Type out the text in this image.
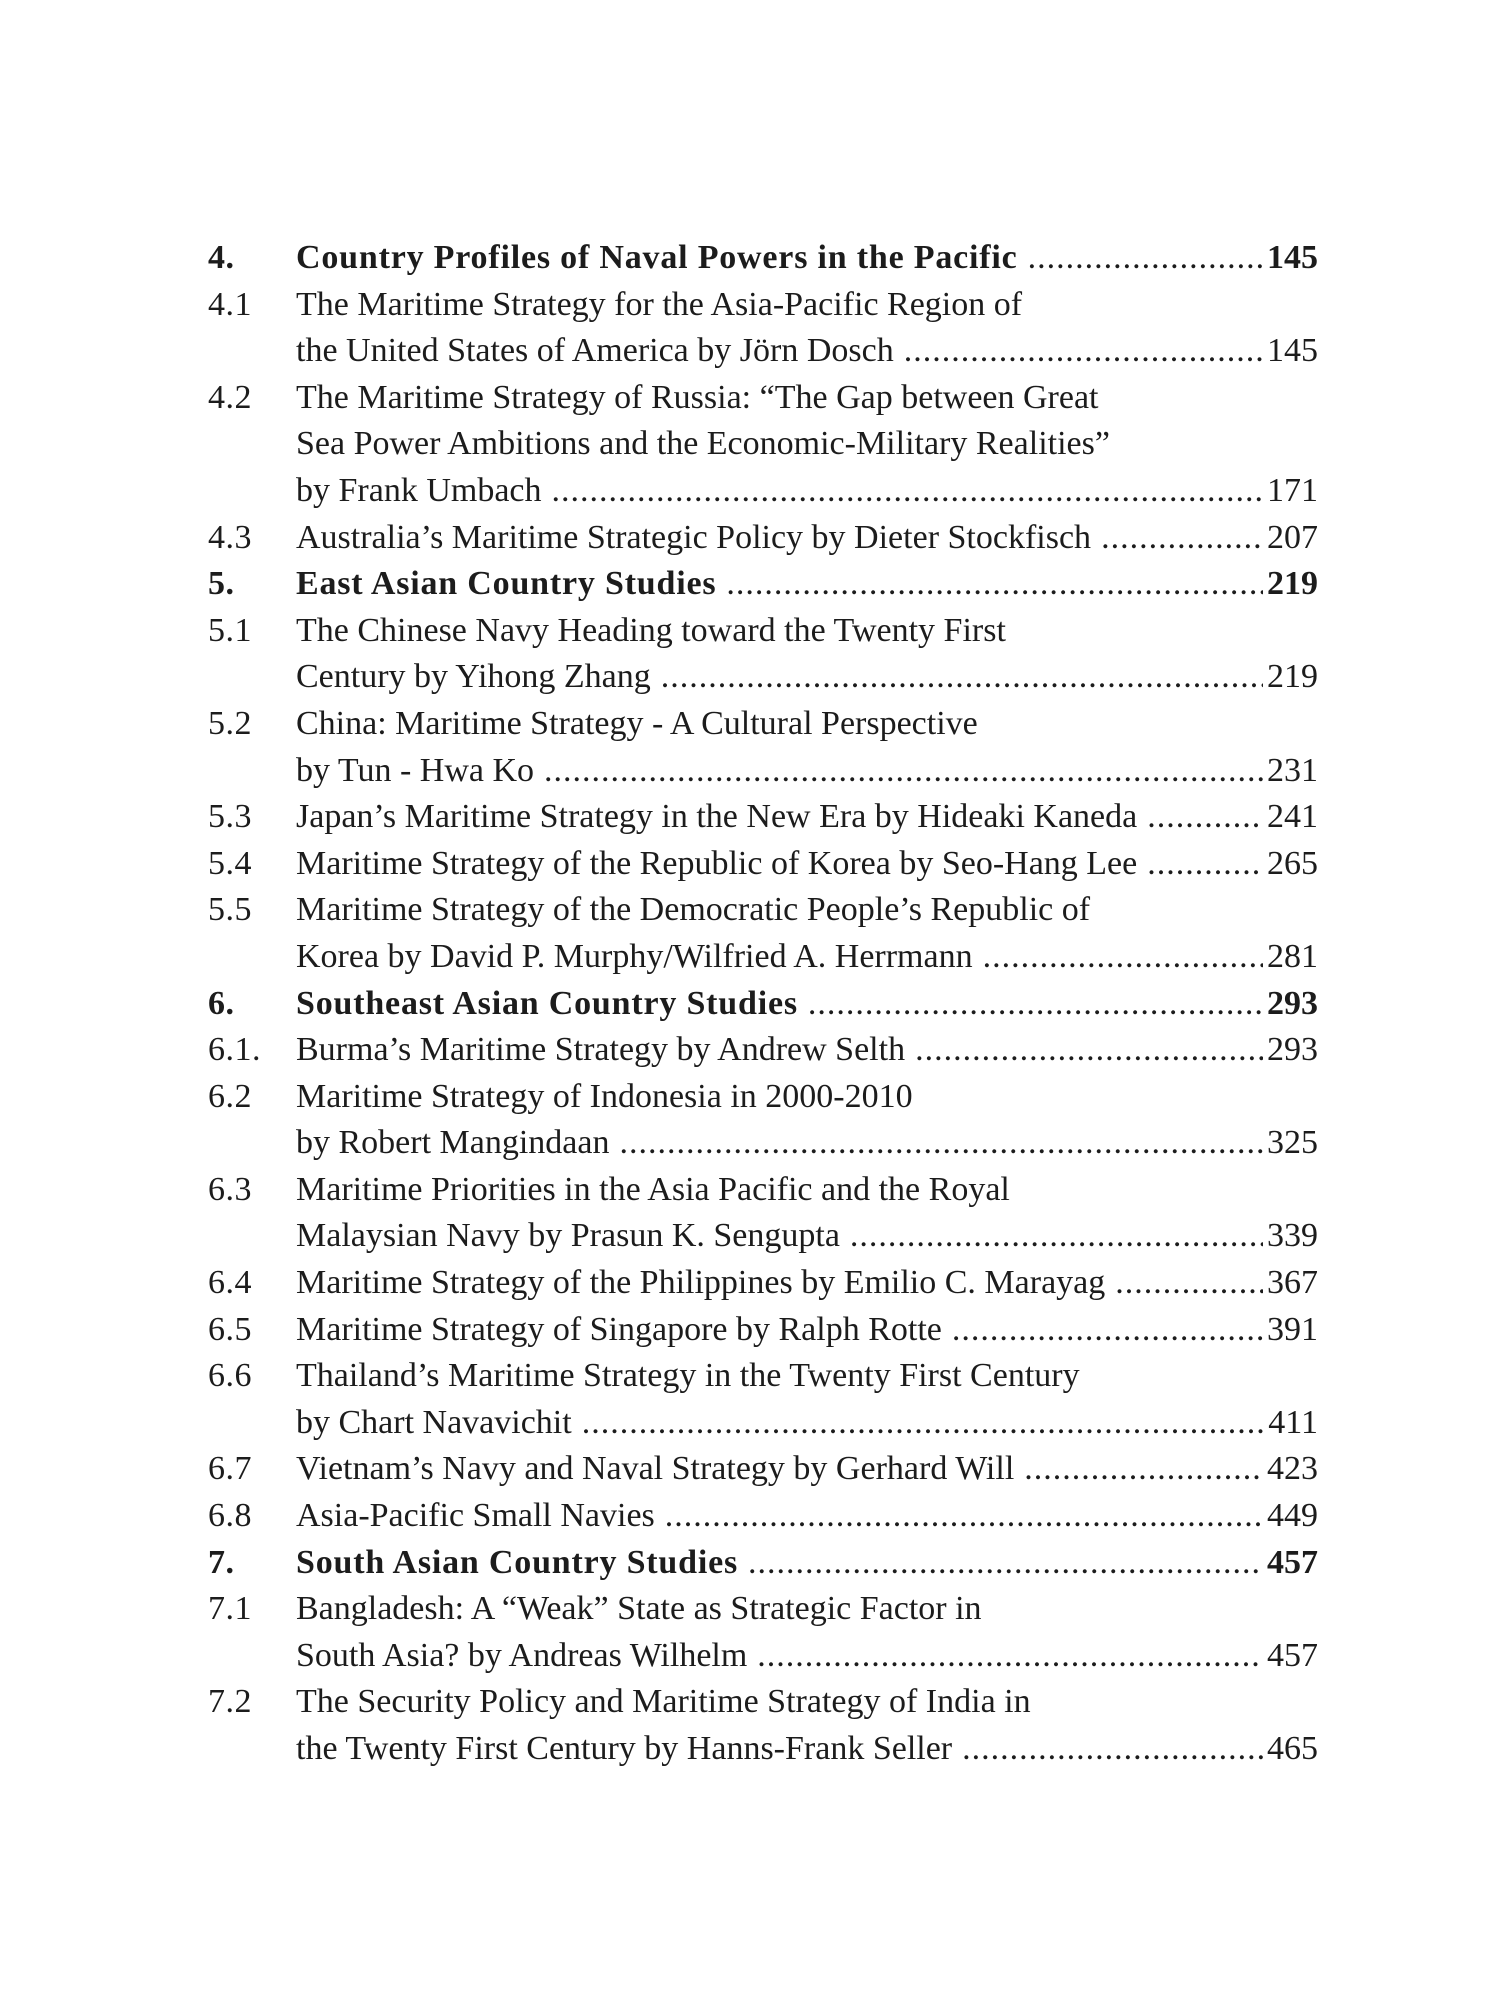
4.	Country Profiles of Naval Powers in the Pacific .....	145
4.1	The Maritime Strategy for the Asia-Pacific Region of
the United States of America by Jörn Dosch .....	145
4.2	The Maritime Strategy of Russia: “The Gap between Great
Sea Power Ambitions and the Economic-Military Realities”
by Frank Umbach .....	171
4.3	Australia’s Maritime Strategic Policy by Dieter Stockfisch .....	207
5.	East Asian Country Studies .....	219
5.1	The Chinese Navy Heading toward the Twenty First
Century by Yihong Zhang .....	219
5.2	China: Maritime Strategy - A Cultural Perspective
by Tun - Hwa Ko .....	231
5.3	Japan’s Maritime Strategy in the New Era by Hideaki Kaneda .....	241
5.4	Maritime Strategy of the Republic of Korea by Seo-Hang Lee .....	265
5.5	Maritime Strategy of the Democratic People’s Republic of
Korea by David P. Murphy/Wilfried A. Herrmann .....	281
6.	Southeast Asian Country Studies .....	293
6.1.	Burma’s Maritime Strategy by Andrew Selth .....	293
6.2	Maritime Strategy of Indonesia in 2000-2010
by Robert Mangindaan .....	325
6.3	Maritime Priorities in the Asia Pacific and the Royal
Malaysian Navy by Prasun K. Sengupta .....	339
6.4	Maritime Strategy of the Philippines by Emilio C. Marayag .....	367
6.5	Maritime Strategy of Singapore by Ralph Rotte .....	391
6.6	Thailand’s Maritime Strategy in the Twenty First Century
by Chart Navavichit .....	411
6.7	Vietnam’s Navy and Naval Strategy by Gerhard Will .....	423
6.8	Asia-Pacific Small Navies .....	449
7.	South Asian Country Studies .....	457
7.1	Bangladesh: A “Weak” State as Strategic Factor in
South Asia? by Andreas Wilhelm .....	457
7.2	The Security Policy and Maritime Strategy of India in
the Twenty First Century by Hanns-Frank Seller .....	465
